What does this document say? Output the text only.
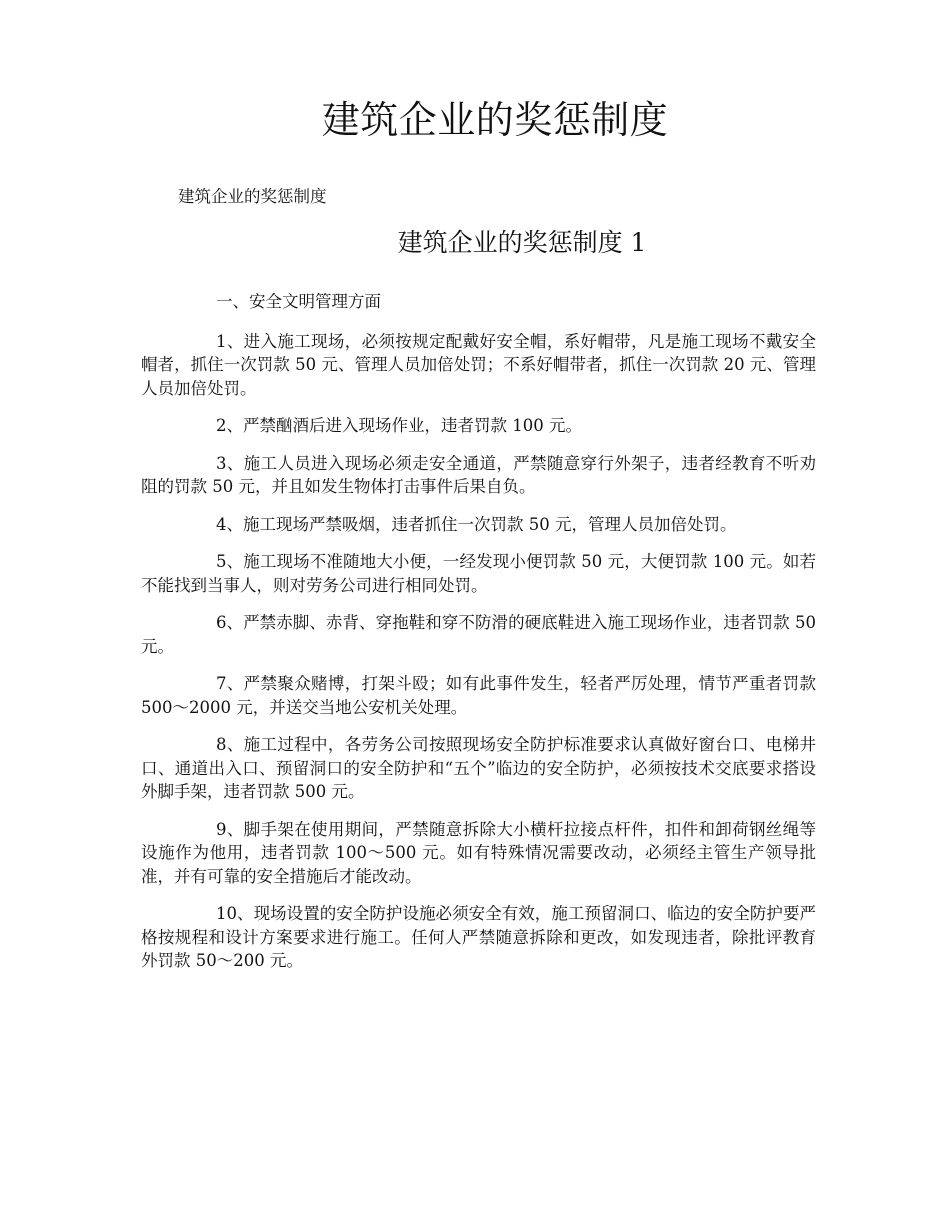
建筑企业的奖惩制度

建筑企业的奖惩制度

建筑企业的奖惩制度 1

一、安全文明管理方面

1、进入施工现场，必须按规定配戴好安全帽，系好帽带，凡是施工现场不戴安全帽者，抓住一次罚款 50 元、管理人员加倍处罚；不系好帽带者，抓住一次罚款 20 元、管理人员加倍处罚。

2、严禁酗酒后进入现场作业，违者罚款 100 元。

3、施工人员进入现场必须走安全通道，严禁随意穿行外架子，违者经教育不听劝阻的罚款 50 元，并且如发生物体打击事件后果自负。

4、施工现场严禁吸烟，违者抓住一次罚款 50 元，管理人员加倍处罚。

5、施工现场不准随地大小便，一经发现小便罚款 50 元，大便罚款 100 元。如若不能找到当事人，则对劳务公司进行相同处罚。

6、严禁赤脚、赤背、穿拖鞋和穿不防滑的硬底鞋进入施工现场作业，违者罚款 50 元。

7、严禁聚众赌博，打架斗殴；如有此事件发生，轻者严厉处理，情节严重者罚款 500～2000 元，并送交当地公安机关处理。

8、施工过程中，各劳务公司按照现场安全防护标准要求认真做好窗台口、电梯井口、通道出入口、预留洞口的安全防护和“五个”临边的安全防护，必须按技术交底要求搭设外脚手架，违者罚款 500 元。

9、脚手架在使用期间，严禁随意拆除大小横杆拉接点杆件，扣件和卸荷钢丝绳等设施作为他用，违者罚款 100～500 元。如有特殊情况需要改动，必须经主管生产领导批准，并有可靠的安全措施后才能改动。

10、现场设置的安全防护设施必须安全有效，施工预留洞口、临边的安全防护要严格按规程和设计方案要求进行施工。任何人严禁随意拆除和更改，如发现违者，除批评教育外罚款 50～200 元。
